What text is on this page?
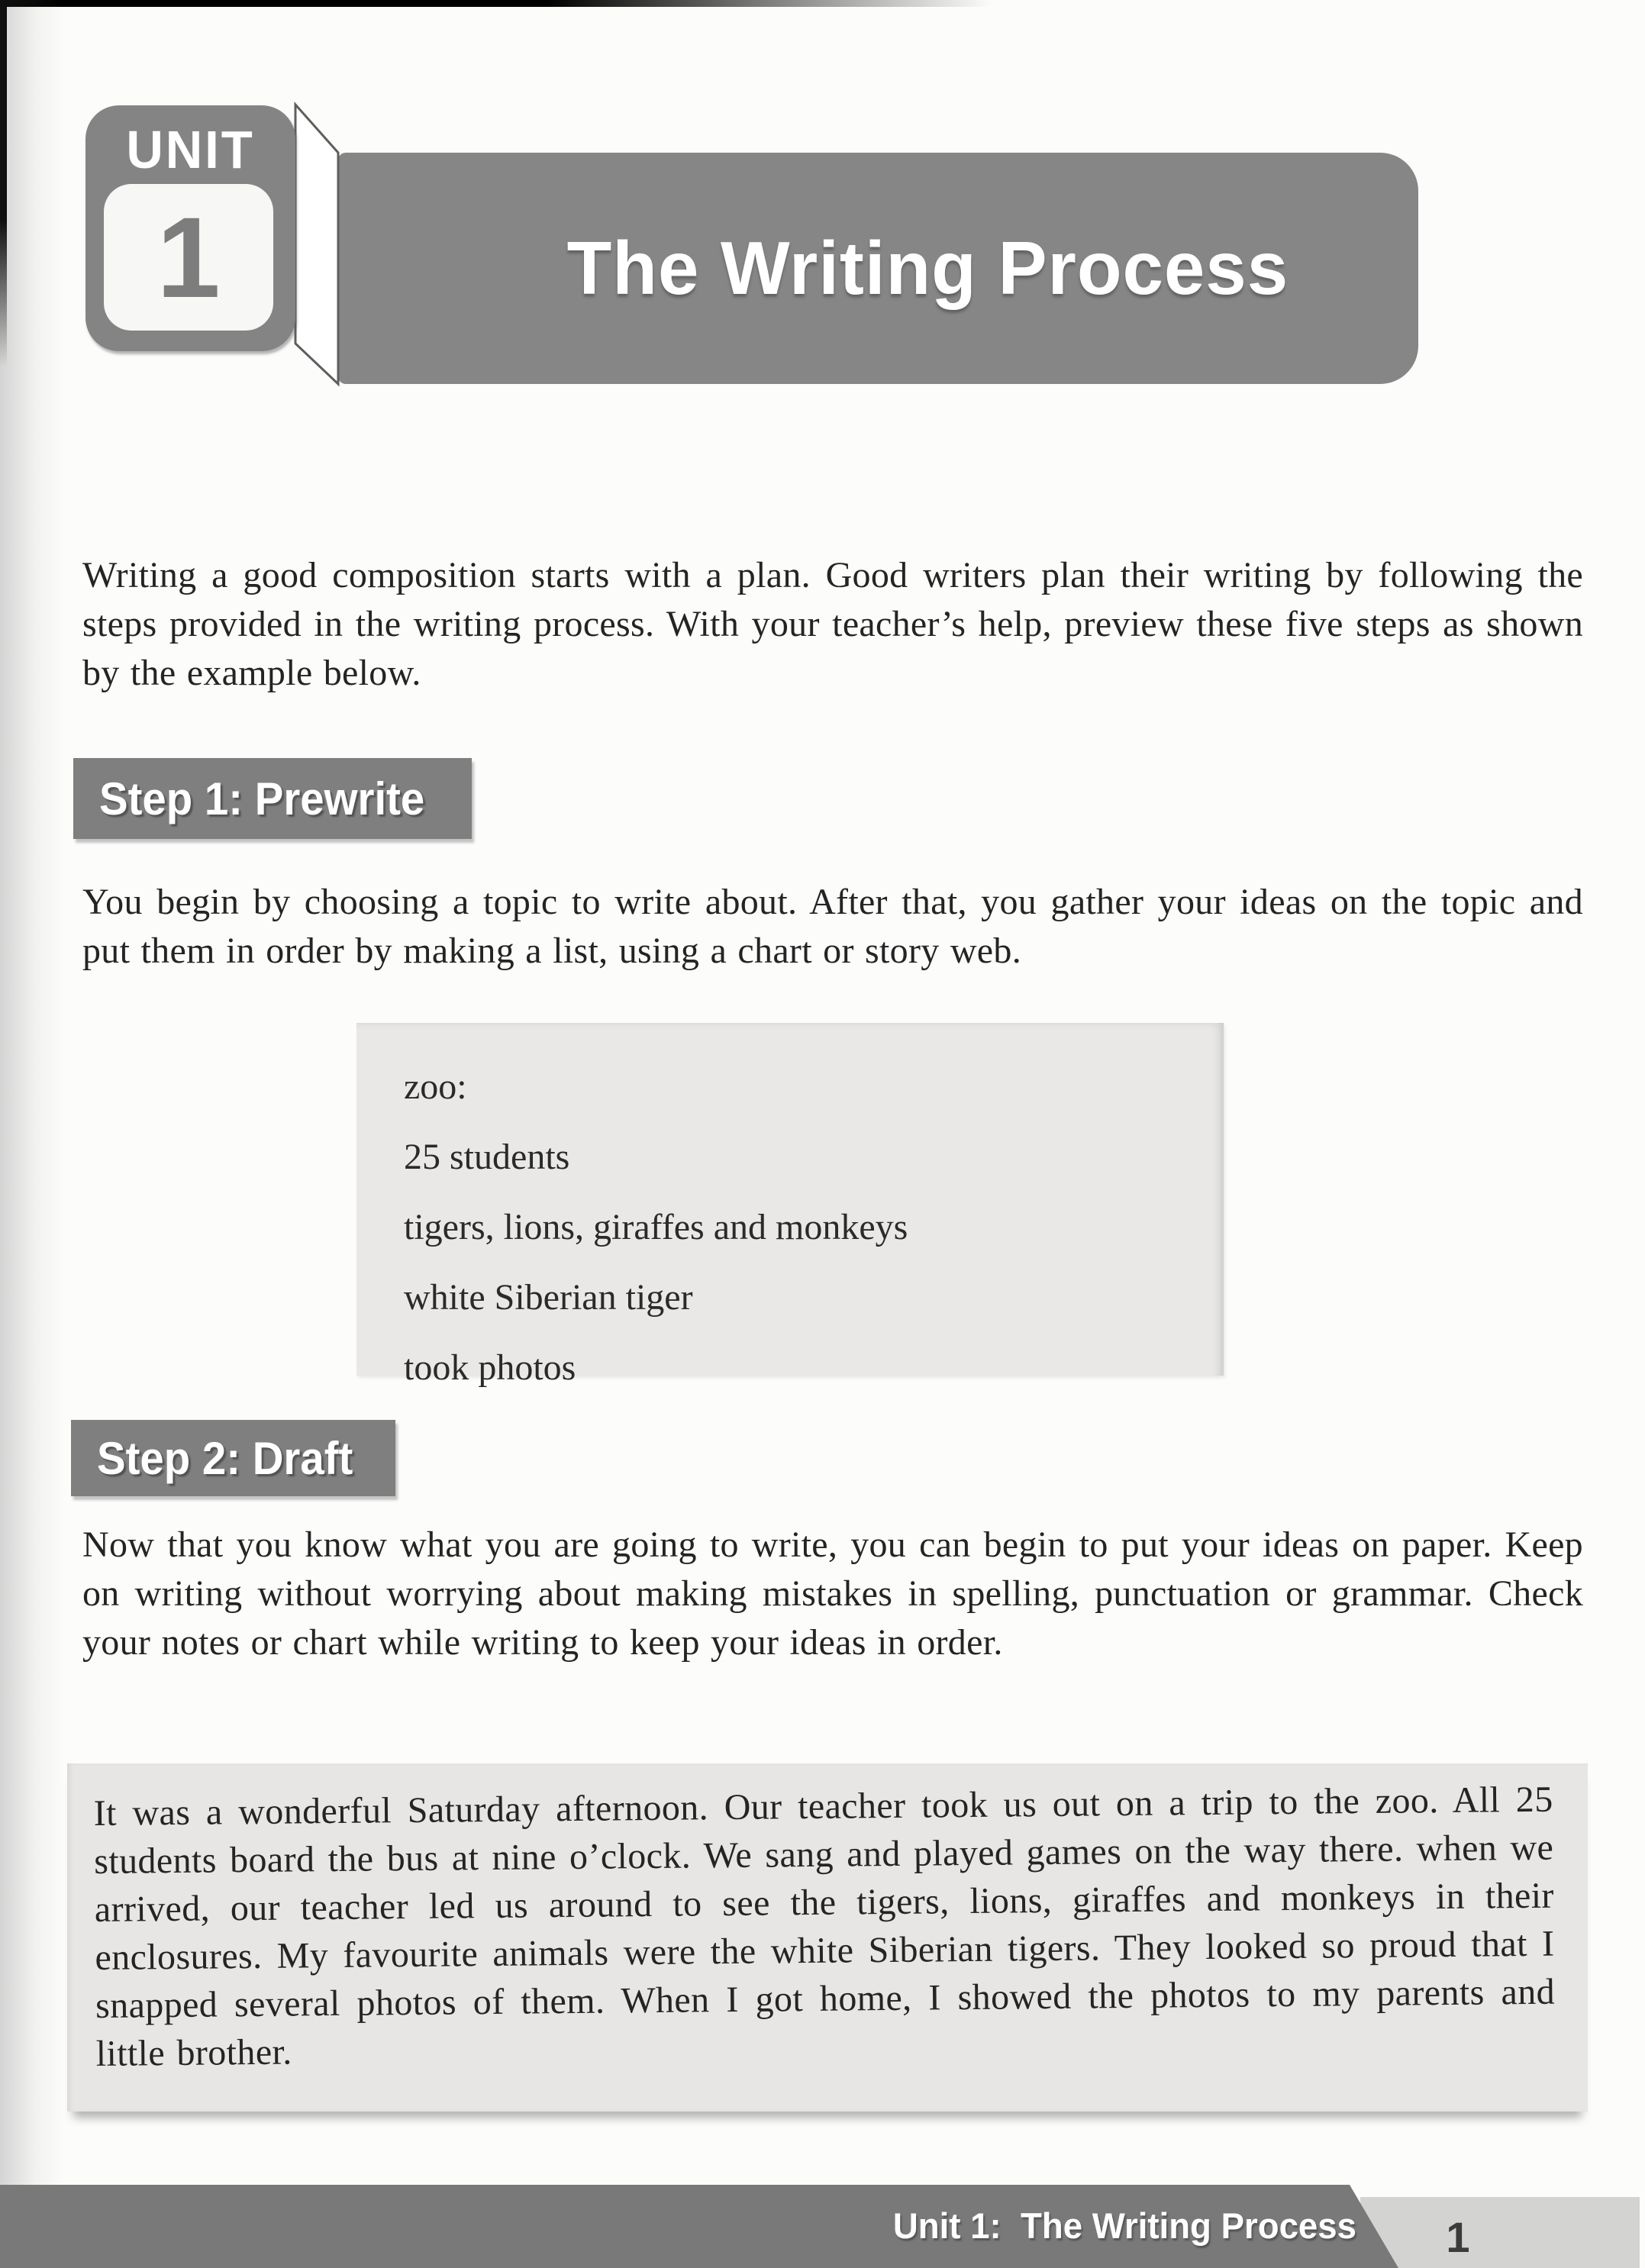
The Writing Process
UNIT
1
Writing a good composition starts with a plan. Good writers plan their writing by following the steps provided in the writing process. With your teacher’s help, preview these five steps as shown by the example below.
Step 1: Prewrite
You begin by choosing a topic to write about. After that, you gather your ideas on the topic and put them in order by making a list, using a chart or story web.
zoo:
25 students
tigers, lions, giraffes and monkeys
white Siberian tiger
took photos
Step 2: Draft
Now that you know what you are going to write, you can begin to put your ideas on paper. Keep on writing without worrying about making mistakes in spelling, punctuation or grammar. Check your notes or chart while writing to keep your ideas in order.
It was a wonderful Saturday afternoon. Our teacher took us out on a trip to the zoo. All 25 students board the bus at nine o’clock. We sang and played games on the way there. when we arrived, our teacher led us around to see the tigers, lions, giraffes and monkeys in their enclosures. My favourite animals were the white Siberian tigers. They looked so proud that I snapped several photos of them. When I got home, I showed the photos to my parents and little brother.
Unit 1:  The Writing Process	1
